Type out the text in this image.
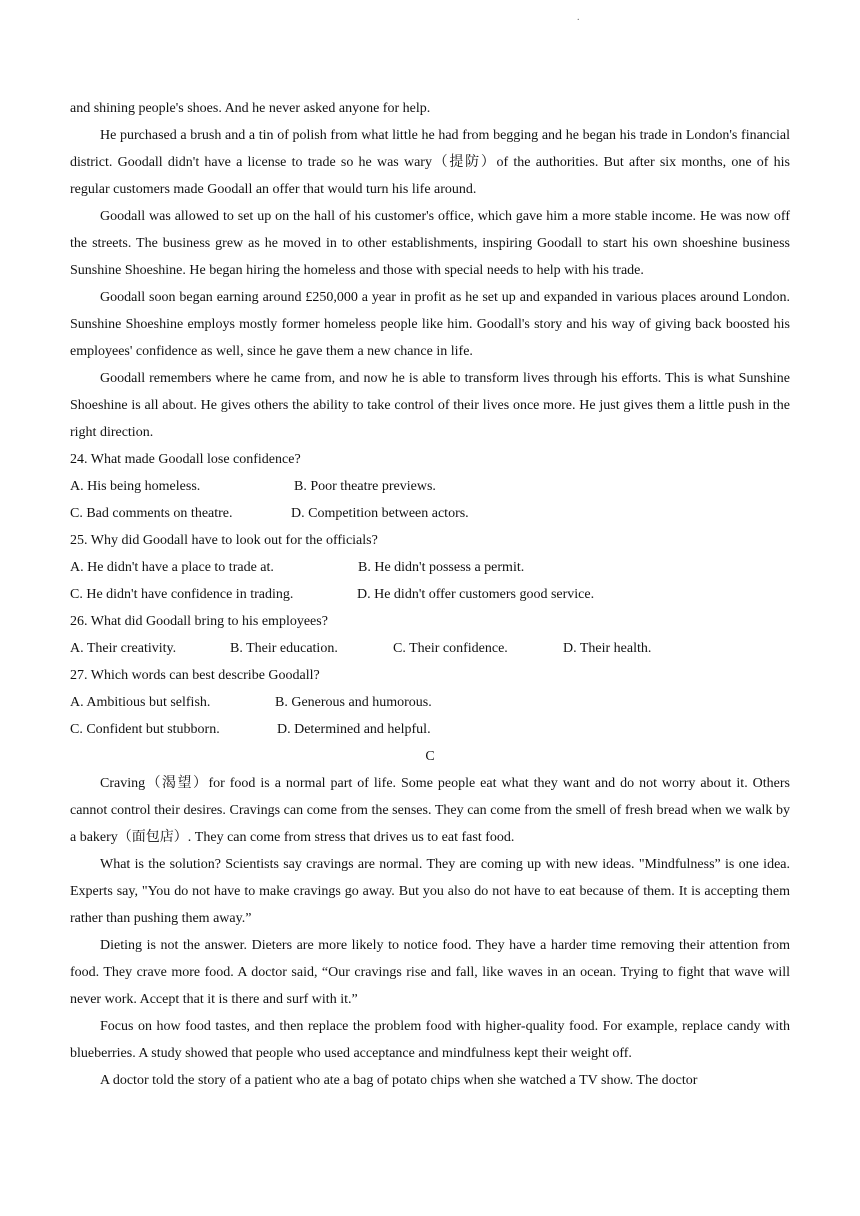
.

and shining people's shoes. And he never asked anyone for help.

He purchased a brush and a tin of polish from what little he had from begging and he began his trade in London's financial district. Goodall didn't have a license to trade so he was wary（提防）of the authorities. But after six months, one of his regular customers made Goodall an offer that would turn his life around.

Goodall was allowed to set up on the hall of his customer's office, which gave him a more stable income. He was now off the streets. The business grew as he moved in to other establishments, inspiring Goodall to start his own shoeshine business Sunshine Shoeshine. He began hiring the homeless and those with special needs to help with his trade.

Goodall soon began earning around £250,000 a year in profit as he set up and expanded in various places around London. Sunshine Shoeshine employs mostly former homeless people like him. Goodall's story and his way of giving back boosted his employees' confidence as well, since he gave them a new chance in life.

Goodall remembers where he came from, and now he is able to transform lives through his efforts. This is what Sunshine Shoeshine is all about. He gives others the ability to take control of their lives once more. He just gives them a little push in the right direction.

24. What made Goodall lose confidence?

A. His being homeless.	B. Poor theatre previews.
C. Bad comments on theatre.	D. Competition between actors.

25. Why did Goodall have to look out for the officials?

A. He didn't have a place to trade at.	B. He didn't possess a permit.
C. He didn't have confidence in trading.	D. He didn't offer customers good service.

26. What did Goodall bring to his employees?

A. Their creativity.	B. Their education.	C. Their confidence.	D. Their health.

27. Which words can best describe Goodall?

A. Ambitious but selfish.	B. Generous and humorous.
C. Confident but stubborn.	D. Determined and helpful.

C

Craving（渴望）for food is a normal part of life. Some people eat what they want and do not worry about it. Others cannot control their desires. Cravings can come from the senses. They can come from the smell of fresh bread when we walk by a bakery（面包店）. They can come from stress that drives us to eat fast food.

What is the solution? Scientists say cravings are normal. They are coming up with new ideas. "Mindfulness” is one idea. Experts say, "You do not have to make cravings go away. But you also do not have to eat because of them. It is accepting them rather than pushing them away.”

Dieting is not the answer. Dieters are more likely to notice food. They have a harder time removing their attention from food. They crave more food. A doctor said, “Our cravings rise and fall, like waves in an ocean. Trying to fight that wave will never work. Accept that it is there and surf with it.”

Focus on how food tastes, and then replace the problem food with higher-quality food. For example, replace candy with blueberries. A study showed that people who used acceptance and mindfulness kept their weight off.

A doctor told the story of a patient who ate a bag of potato chips when she watched a TV show. The doctor
